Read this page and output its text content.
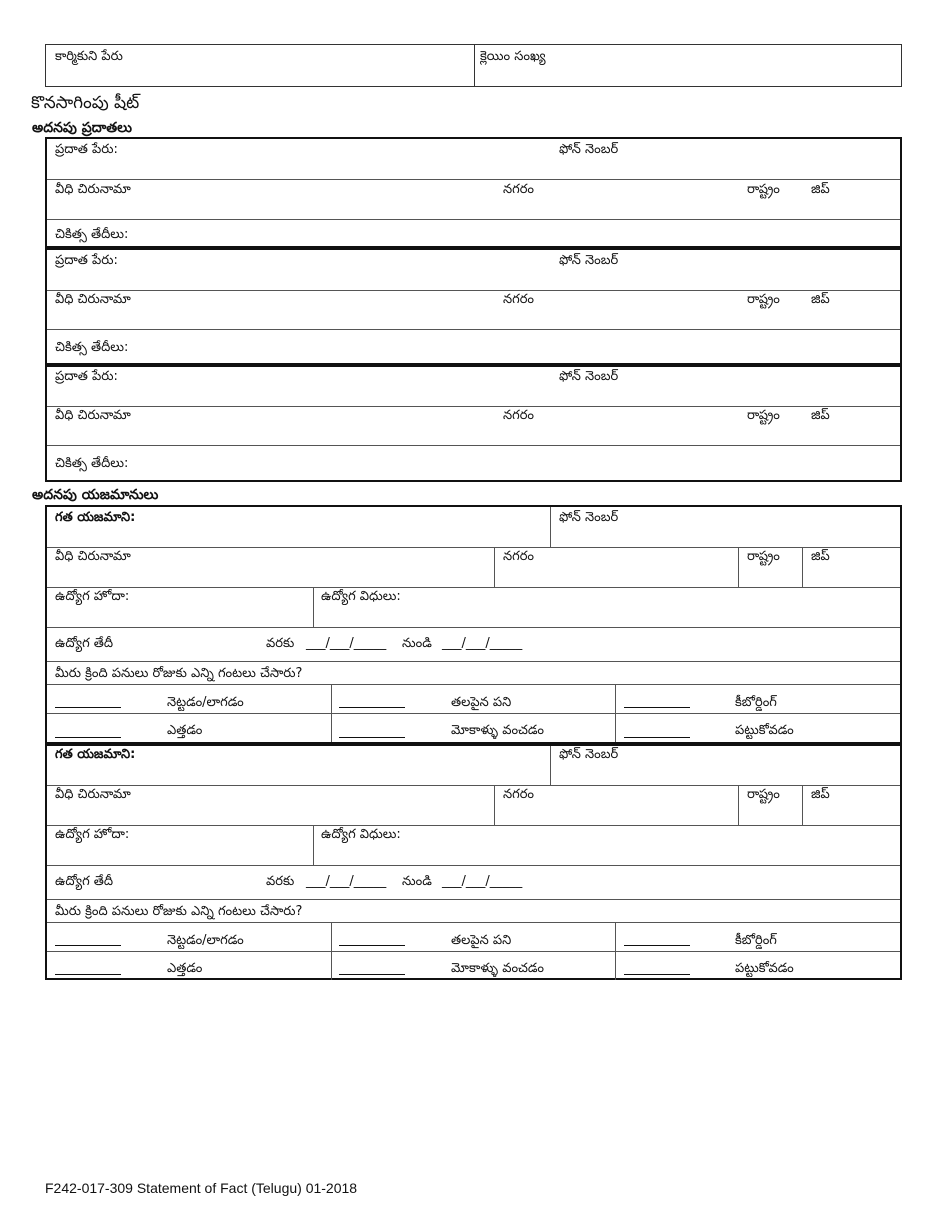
కార్మికుని పేరు	క్లెయిం సంఖ్య
కొనసాగింపు షీట్
అదనపు ప్రదాతలు
ప్రదాత పేరు:	ఫోన్ నెంబర్
వీధి చిరునామా	నగరం	రాష్ట్రం జిప్
చికిత్స తేదీలు:
ప్రదాత పేరు:	ఫోన్ నెంబర్
వీధి చిరునామా	నగరం	రాష్ట్రం జిప్
చికిత్స తేదీలు:
ప్రదాత పేరు:	ఫోన్ నెంబర్
వీధి చిరునామా	నగరం	రాష్ట్రం జిప్
చికిత్స తేదీలు:
అదనపు యజమానులు
గత యజమాని:	ఫోన్ నెంబర్
వీధి చిరునామా	నగరం	రాష్ట్రం జిప్
ఉద్యోగ హోదా:	ఉద్యోగ విధులు:
ఉద్యోగ తేదీ	వరకు ___/___/_____ నుండి ___/___/_____
మీరు క్రింది పనులు రోజుకు ఎన్ని గంటలు చేసారు?
నెట్టడం/లాగడం	తలపైన పని	కీబోర్డింగ్
ఎత్తడం	మోకాళ్ళు వంచడం	పట్టుకోవడం
గత యజమాని:	ఫోన్ నెంబర్
వీధి చిరునామా	నగరం	రాష్ట్రం జిప్
ఉద్యోగ హోదా:	ఉద్యోగ విధులు:
ఉద్యోగ తేదీ	వరకు ___/___/_____ నుండి ___/___/_____
మీరు క్రింది పనులు రోజుకు ఎన్ని గంటలు చేసారు?
నెట్టడం/లాగడం	తలపైన పని	కీబోర్డింగ్
ఎత్తడం	మోకాళ్ళు వంచడం	పట్టుకోవడం
F242-017-309 Statement of Fact (Telugu) 01-2018
